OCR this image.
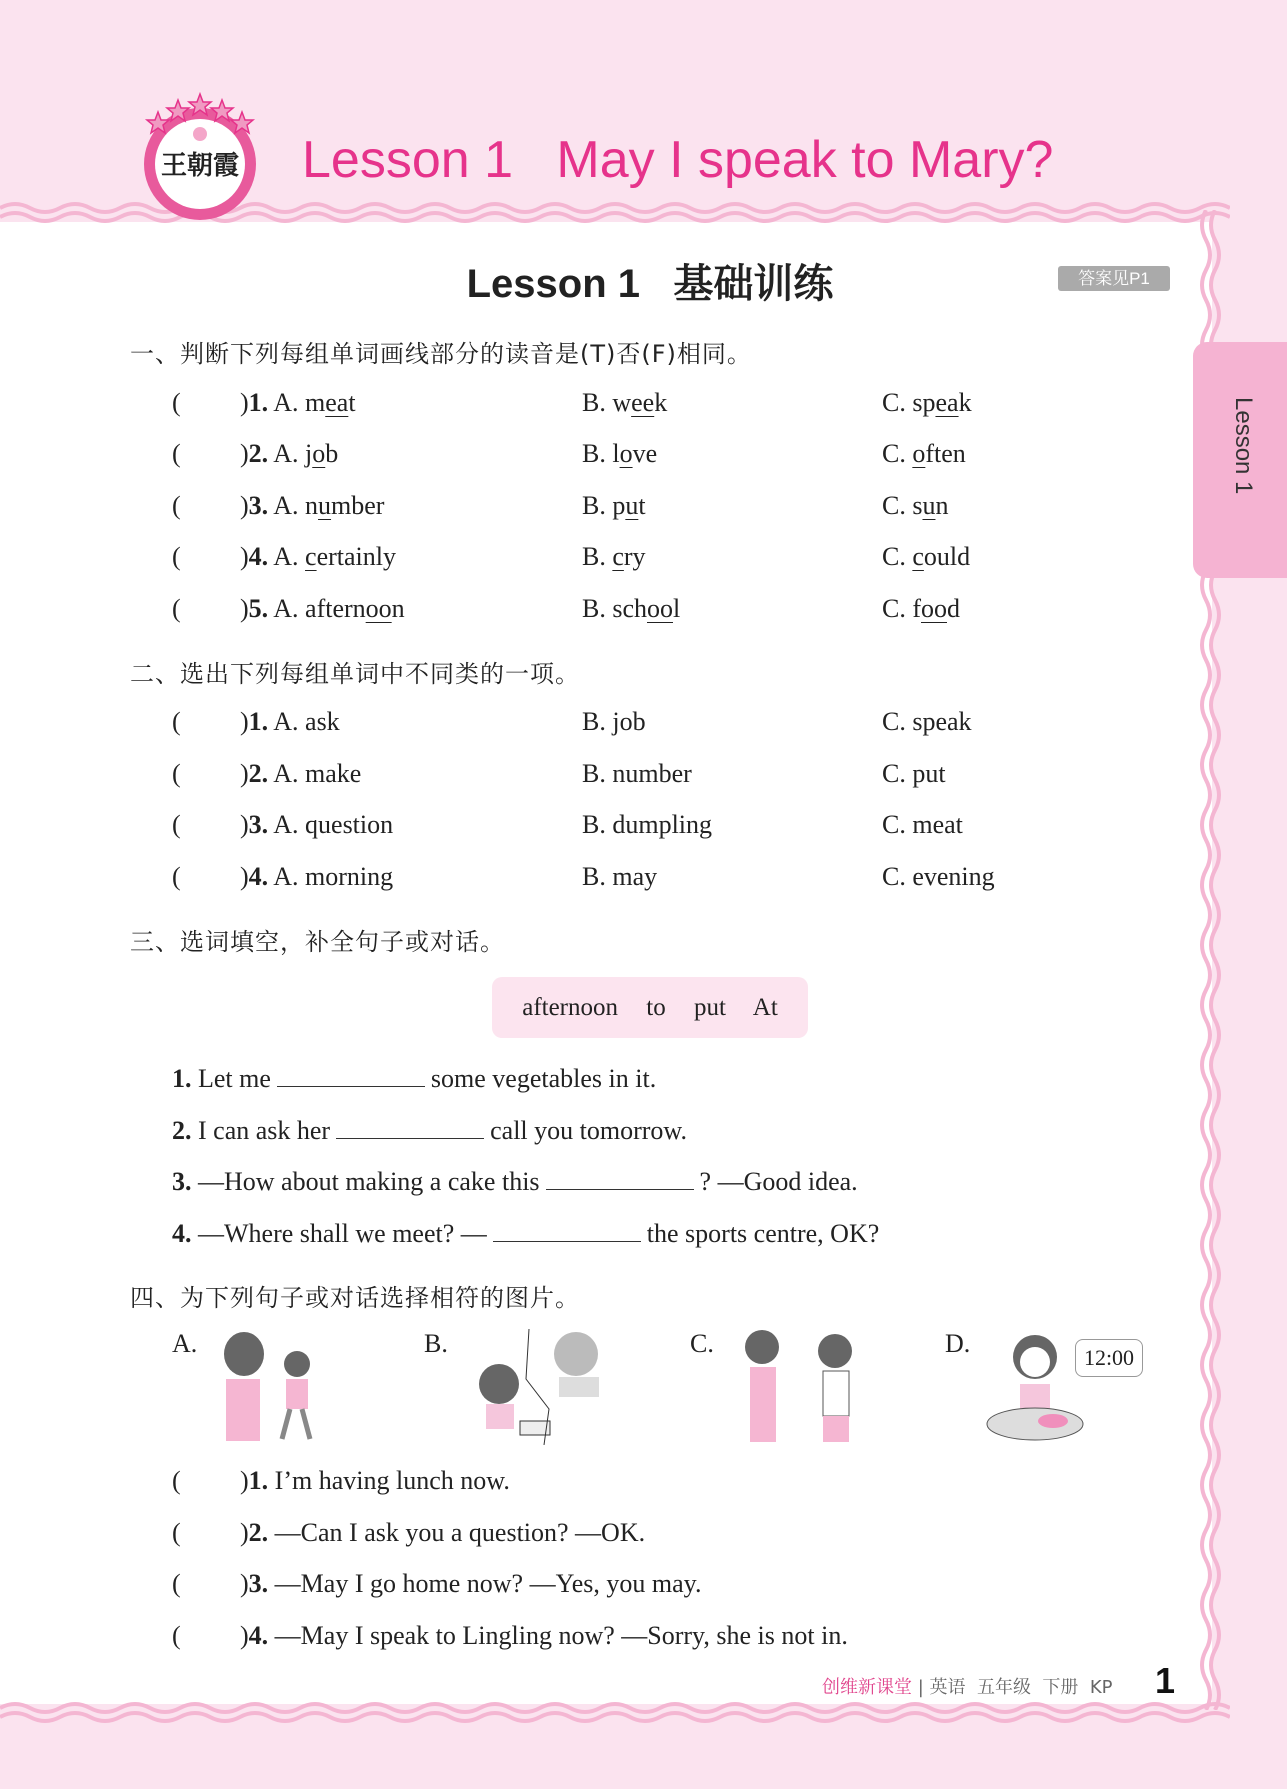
王朝霞 Lesson 1   May I speak to Mary?
Lesson 1   基础训练	答案见P1
Lesson 1
一、判断下列每组单词画线部分的读音是(T)否(F)相同。
( )1. A. meat	B. week	C. speak
( )2. A. job	B. love	C. often
( )3. A. number	B. put	C. sun
( )4. A. certainly	B. cry	C. could
( )5. A. afternoon	B. school	C. food
二、选出下列每组单词中不同类的一项。
( )1. A. ask	B. job	C. speak
( )2. A. make	B. number	C. put
( )3. A. question	B. dumpling	C. meat
( )4. A. morning	B. may	C. evening
三、选词填空，补全句子或对话。
afternoon to put At
1. Let me	some vegetables in it.
2. I can ask her	call you tomorrow.
3. —How about making a cake this	? —Good idea.
4. —Where shall we meet? —	the sports centre, OK?
四、为下列句子或对话选择相符的图片。
A.	B.	C.	D.	12:00
( )1. I’m having lunch now.
( )2. —Can I ask you a question? —OK.
( )3. —May I go home now? —Yes, you may.
( )4. —May I speak to Lingling now? —Sorry, she is not in.
创维新课堂 | 英语  五年级  下册  KP 1
